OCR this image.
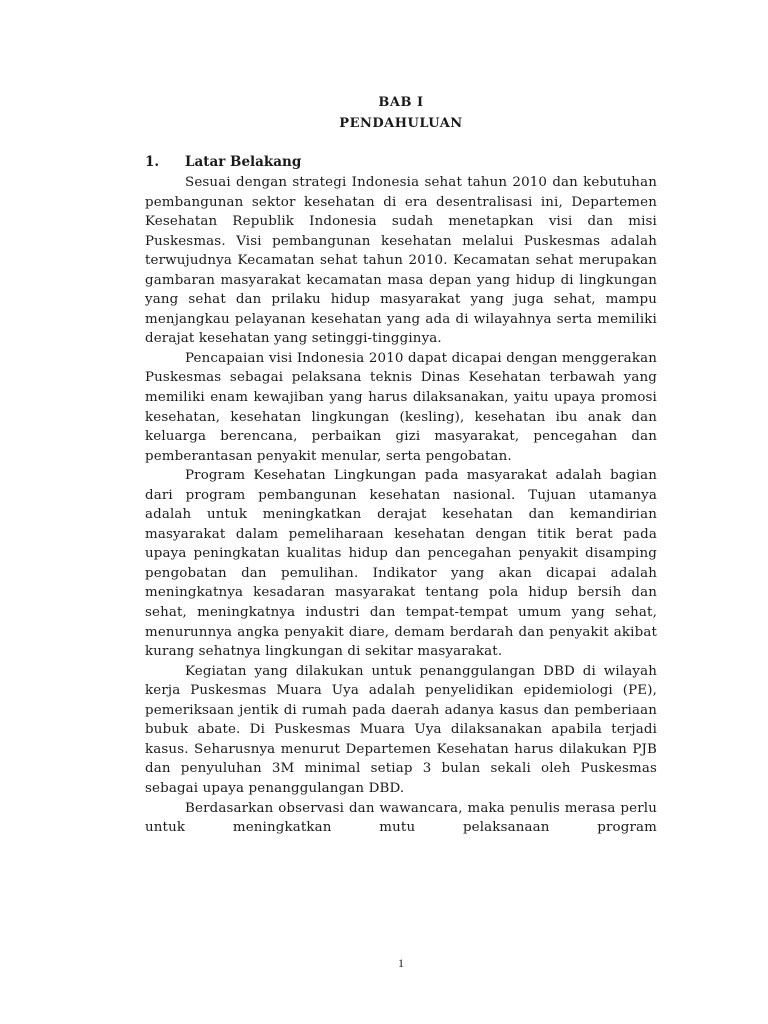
BAB I
PENDAHULUAN
1. Latar Belakang

Sesuai dengan strategi Indonesia sehat tahun 2010 dan kebutuhan pembangunan sektor kesehatan di era desentralisasi ini, Departemen Kesehatan Republik Indonesia sudah menetapkan visi dan misi Puskesmas. Visi pembangunan kesehatan melalui Puskesmas adalah terwujudnya Kecamatan sehat tahun 2010. Kecamatan sehat merupakan gambaran masyarakat kecamatan masa depan yang hidup di lingkungan yang sehat dan prilaku hidup masyarakat yang juga sehat, mampu menjangkau pelayanan kesehatan yang ada di wilayahnya serta memiliki derajat kesehatan yang setinggi-tingginya.

Pencapaian visi Indonesia 2010 dapat dicapai dengan menggerakan Puskesmas sebagai pelaksana teknis Dinas Kesehatan terbawah yang memiliki enam kewajiban yang harus dilaksanakan, yaitu upaya promosi kesehatan, kesehatan lingkungan (kesling), kesehatan ibu anak dan keluarga berencana, perbaikan gizi masyarakat, pencegahan dan pemberantasan penyakit menular, serta pengobatan.

Program Kesehatan Lingkungan pada masyarakat adalah bagian dari program pembangunan kesehatan nasional. Tujuan utamanya adalah untuk meningkatkan derajat kesehatan dan kemandirian masyarakat dalam pemeliharaan kesehatan dengan titik berat pada upaya peningkatan kualitas hidup dan pencegahan penyakit disamping pengobatan dan pemulihan. Indikator yang akan dicapai adalah meningkatnya kesadaran masyarakat tentang pola hidup bersih dan sehat, meningkatnya industri dan tempat-tempat umum yang sehat, menurunnya angka penyakit diare, demam berdarah dan penyakit akibat kurang sehatnya lingkungan di sekitar masyarakat.

Kegiatan yang dilakukan untuk penanggulangan DBD di wilayah kerja Puskesmas Muara Uya adalah penyelidikan epidemiologi (PE), pemeriksaan jentik di rumah pada daerah adanya kasus dan pemberiaan bubuk abate. Di Puskesmas Muara Uya dilaksanakan apabila terjadi kasus. Seharusnya menurut Departemen Kesehatan harus dilakukan PJB dan penyuluhan 3M minimal setiap 3 bulan sekali oleh Puskesmas sebagai upaya penanggulangan DBD.

Berdasarkan observasi dan wawancara, maka penulis merasa perlu untuk meningkatkan mutu pelaksanaan program

1
